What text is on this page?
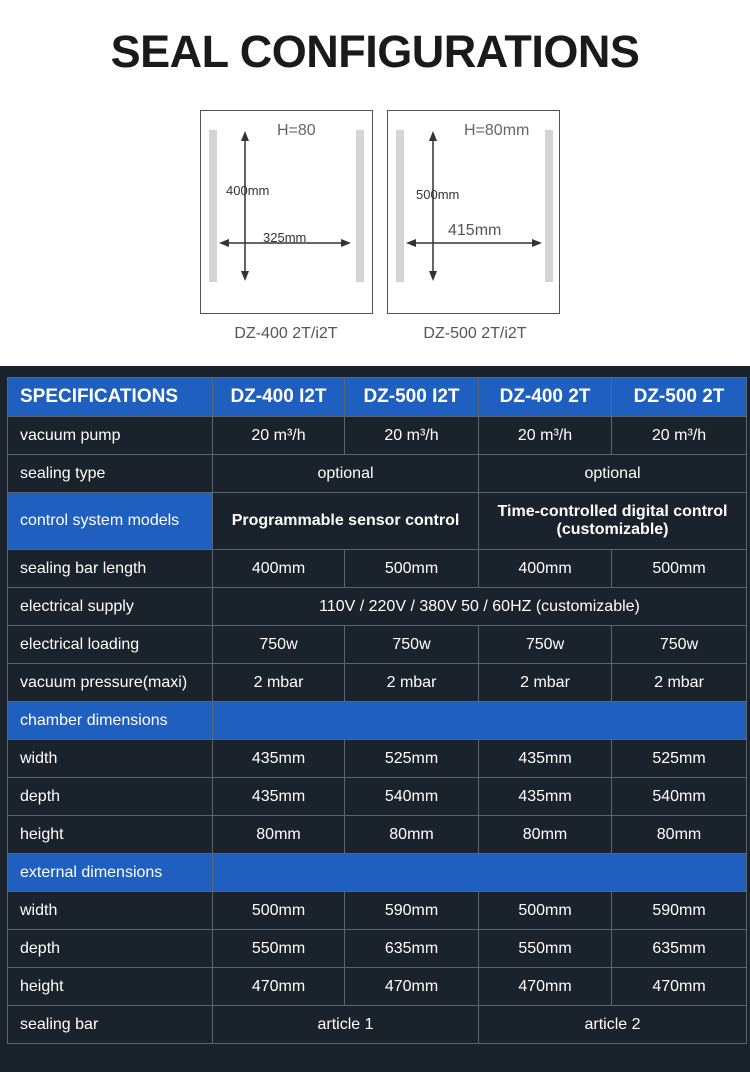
SEAL CONFIGURATIONS
H=80
400mm
325mm
DZ-400 2T/i2T
H=80mm
500mm
415mm
DZ-500 2T/i2T
SPECIFICATIONS	DZ-400 I2T	DZ-500 I2T	DZ-400 2T	DZ-500 2T
vacuum pump	20 m³/h	20 m³/h	20 m³/h	20 m³/h
sealing type	optional		optional	
control system models	Programmable sensor control		Time-controlled digital control
(customizable)	
sealing bar length	400mm	500mm	400mm	500mm
electrical supply	110V / 220V / 380V 50 / 60HZ (customizable)			
electrical loading	750w	750w	750w	750w
vacuum pressure(maxi)	2 mbar	2 mbar	2 mbar	2 mbar
chamber dimensions				
width	435mm	525mm	435mm	525mm
depth	435mm	540mm	435mm	540mm
height	80mm	80mm	80mm	80mm
external dimensions				
width	500mm	590mm	500mm	590mm
depth	550mm	635mm	550mm	635mm
height	470mm	470mm	470mm	470mm
sealing bar	article 1		article 2	
